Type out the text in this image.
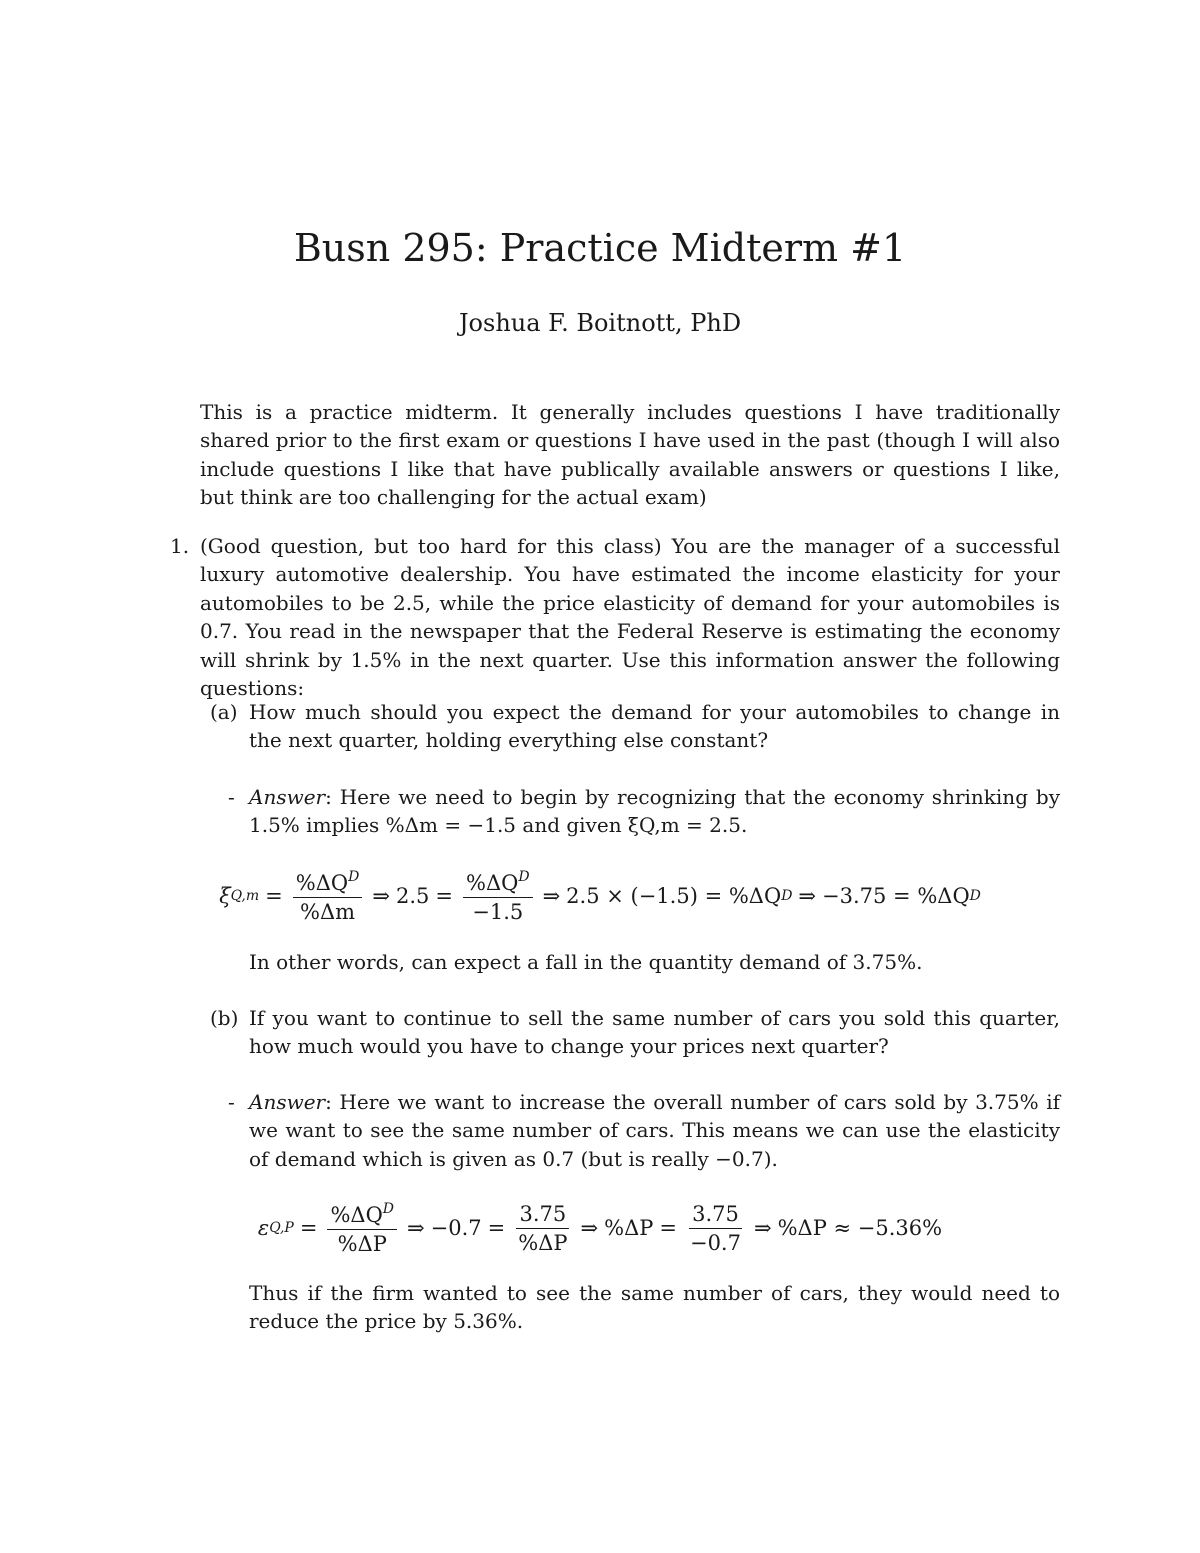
Busn 295: Practice Midterm #1
Joshua F. Boitnott, PhD
This is a practice midterm. It generally includes questions I have traditionally shared prior to the first exam or questions I have used in the past (though I will also include questions I like that have publically available answers or questions I like, but think are too challenging for the actual exam)
1. (Good question, but too hard for this class) You are the manager of a successful luxury automotive dealership. You have estimated the income elasticity for your automobiles to be 2.5, while the price elasticity of demand for your automobiles is 0.7. You read in the newspaper that the Federal Reserve is estimating the economy will shrink by 1.5% in the next quarter. Use this information answer the following questions:
(a) How much should you expect the demand for your automobiles to change in the next quarter, holding everything else constant?
- Answer: Here we need to begin by recognizing that the economy shrinking by 1.5% implies %Δm = −1.5 and given ξQ,m = 2.5.
ξ $Q,m = \frac{\%\Delta Q^D}{\%\Delta m}$ ⇒ $2.5 = \frac{\%\Delta Q^D}{-1.5}$ ⇒ 2.5 × (−1.5) = %ΔQ D ⇒ −3.75 = %ΔQ D
In other words, can expect a fall in the quantity demand of 3.75%.
(b) If you want to continue to sell the same number of cars you sold this quarter, how much would you have to change your prices next quarter?
- Answer: Here we want to increase the overall number of cars sold by 3.75% if we want to see the same number of cars. This means we can use the elasticity of demand which is given as 0.7 (but is really −0.7).
ε $Q,P = \frac{\%\Delta Q^D}{\%\Delta P}$ ⇒ $-0.7 = \frac{3.75}{\%\Delta P}$ ⇒ $\%\Delta P = \frac{3.75}{-0.7}$ ⇒ %ΔP ≈ −5.36%
Thus if the firm wanted to see the same number of cars, they would need to reduce the price by 5.36%.
